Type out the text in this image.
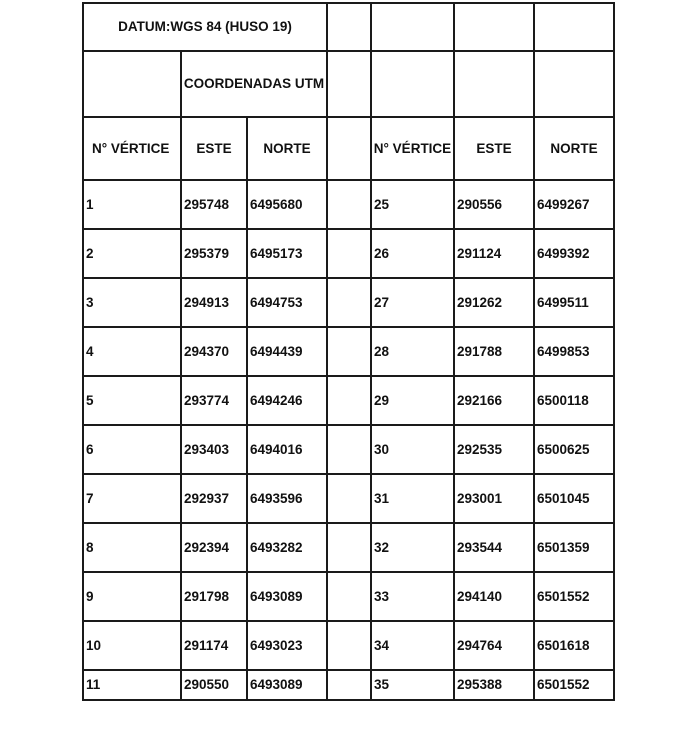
DATUM:WGS 84 (HUSO 19)						
	COORDENADAS UTM					
N° VÉRTICE	ESTE	NORTE		N° VÉRTICE	ESTE	NORTE
1	295748	6495680		25	290556	6499267
2	295379	6495173		26	291124	6499392
3	294913	6494753		27	291262	6499511
4	294370	6494439		28	291788	6499853
5	293774	6494246		29	292166	6500118
6	293403	6494016		30	292535	6500625
7	292937	6493596		31	293001	6501045
8	292394	6493282		32	293544	6501359
9	291798	6493089		33	294140	6501552
10	291174	6493023		34	294764	6501618
11	290550	6493089		35	295388	6501552
